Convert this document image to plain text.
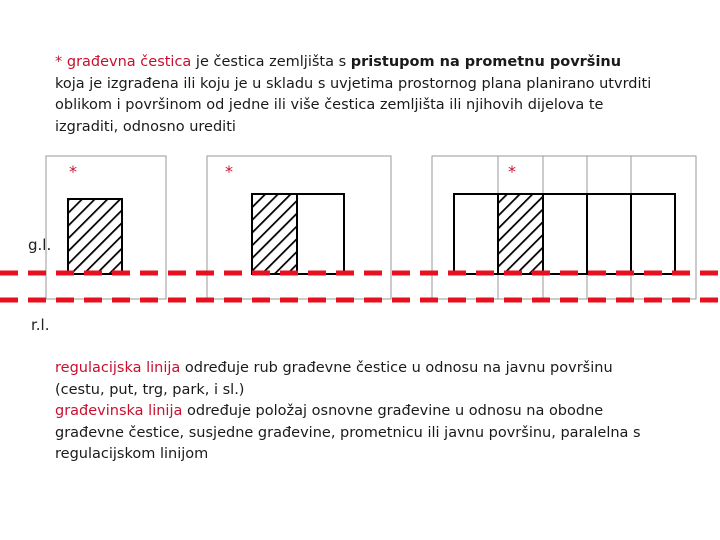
* građevna čestica je čestica zemljišta s pristupom na prometnu površinu koja je izgrađena ili koju je u skladu s uvjetima prostornog plana planirano utvrditi oblikom i površinom od jedne ili više čestica zemljišta ili njihovih dijelova te izgraditi, odnosno urediti

*	*	*
g.l.
r.l.
regulacijska linija određuje rub građevne čestice u odnosu na javnu površinu (cestu, put, trg, park, i sl.)
građevinska linija određuje položaj osnovne građevine u odnosu na obodne građevne čestice, susjedne građevine, prometnicu ili javnu površinu, paralelna s regulacijskom linijom
